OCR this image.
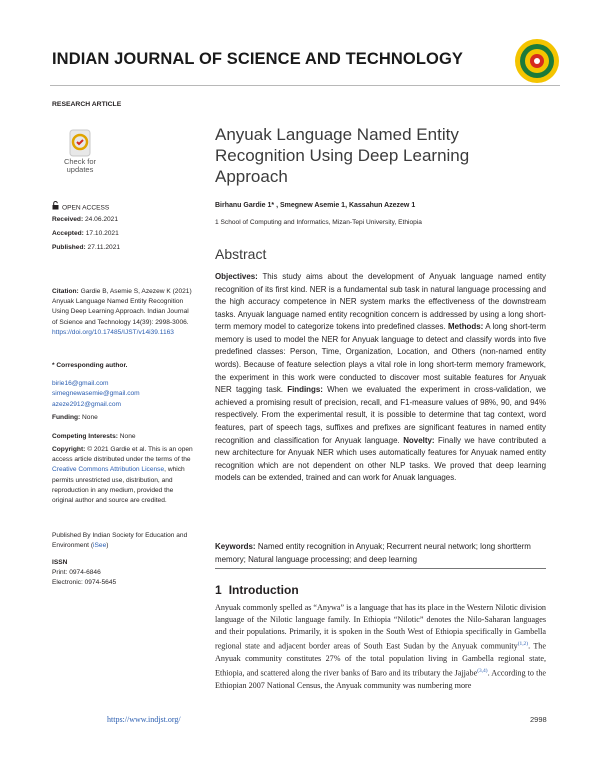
INDIAN JOURNAL OF SCIENCE AND TECHNOLOGY
RESEARCH ARTICLE
Check for updates
OPEN ACCESS
Received: 24.06.2021
Accepted: 17.10.2021
Published: 27.11.2021
Citation: Gardie B, Asemie S, Azezew K (2021) Anyuak Language Named Entity Recognition Using Deep Learning Approach. Indian Journal of Science and Technology 14(39): 2998-3006. https://doi.org/10.17485/IJST/v14i39.1163
* Corresponding author.
birie16@gmail.com
simegnewasemie@gmail.com
azeze2912@gmail.com
Funding: None
Competing Interests: None
Copyright: © 2021 Gardie et al. This is an open access article distributed under the terms of the Creative Commons Attribution License, which permits unrestricted use, distribution, and reproduction in any medium, provided the original author and source are credited.
Published By Indian Society for Education and Environment (iSee)
ISSN
Print: 0974-6846
Electronic: 0974-5645
Anyuak Language Named Entity Recognition Using Deep Learning Approach
Birhanu Gardie 1* , Smegnew Asemie 1, Kassahun Azezew 1
1 School of Computing and Informatics, Mizan-Tepi University, Ethiopia
Abstract
Objectives: This study aims about the development of Anyuak language named entity recognition of its first kind. NER is a fundamental sub task in natural language processing and the high accuracy competence in NER system marks the effectiveness of the downstream tasks. Anyuak language named entity recognition concern is addressed by using a long short-term memory model to categorize tokens into predefined classes. Methods: A long short-term memory is used to model the NER for Anyuak language to detect and classify words into five predefined classes: Person, Time, Organization, Location, and Others (non-named entity words). Because of feature selection plays a vital role in long short-term memory framework, the experiment in this work were conducted to discover most suitable features for Anyuak NER tagging task. Findings: When we evaluated the experiment in cross-validation, we achieved a promising result of precision, recall, and F1-measure values of 98%, 90, and 94% respectively. From the experimental result, it is possible to determine that tag context, word features, part of speech tags, suffixes and prefixes are significant features in named entity recognition and classification for Anyuak language. Novelty: Finally we have contributed a new architecture for Anyuak NER which uses automatically features for Anyuak named entity recognition which are not dependent on other NLP tasks. We proved that deep learning models can be extended, trained and can work for Anuak languages.
Keywords: Named entity recognition in Anyuak; Recurrent neural network; long shortterm memory; Natural language processing; and deep learning
1 Introduction
Anyuak commonly spelled as “Anywa” is a language that has its place in the Western Nilotic division language of the Nilotic language family. In Ethiopia “Nilotic” denotes the Nilo-Saharan languages and their populations. Primarily, it is spoken in the South West of Ethiopia specifically in Gambella regional state and adjacent border areas of South East Sudan by the Anyuak community$^{(1,2)}$. The Anyuak community constitutes 27% of the total population living in Gambella regional state, Ethiopia, and scattered along the river banks of Baro and its tributary the Jajjabe$^{(3,4)}$. According to the Ethiopian 2007 National Census, the Anyuak community was numbering more
https://www.indjst.org/	2998
